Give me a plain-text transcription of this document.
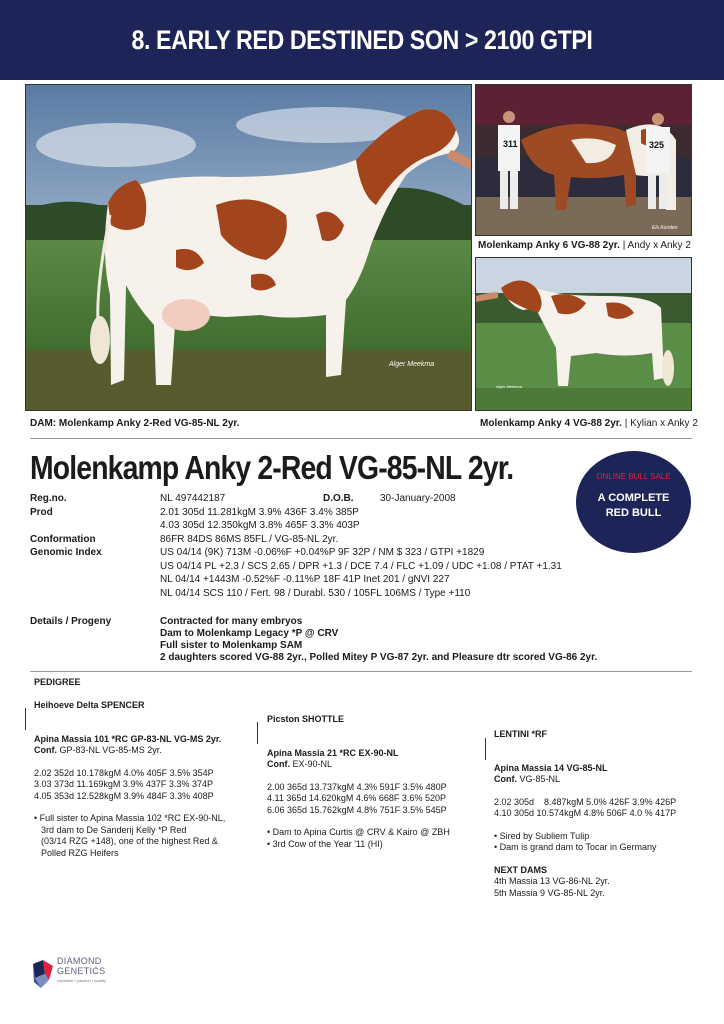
8. EARLY RED DESTINED SON > 2100 GTPI
Alger Meekma
DAM: Molenkamp Anky 2-Red VG-85-NL 2yr.
311	325
Els Korsten
Molenkamp Anky 6 VG-88 2yr. | Andy x Anky 2
Alger Meekma
Molenkamp Anky 4 VG-88 2yr. | Kylian x Anky 2
Molenkamp Anky 2-Red VG-85-NL 2yr.	ONLINE BULL SALE
A COMPLETE
RED BULL
Reg.no.	NL 497442187	D.O.B.	30-January-2008
Prod	2.01 305d 11.281kgM 3.9% 436F 3.4% 385P
4.03 305d 12.350kgM 3.8% 465F 3.3% 403P
Conformation	86FR 84DS 86MS 85FL / VG-85-NL 2yr.
Genomic Index	US 04/14 (9K) 713M -0.06%F +0.04%P 9F 32P / NM $ 323 / GTPI +1829
US 04/14 PL +2.3 / SCS 2.65 / DPR +1.3 / DCE 7.4 / FLC +1.09 / UDC +1.08 / PTAT +1.31
NL 04/14 +1443M -0.52%F -0.11%P 18F 41P Inet 201 / gNVI 227
NL 04/14 SCS 110 / Fert. 98 / Durabl. 530 / 105FL 106MS / Type +110
Details / Progeny	Contracted for many embryos
Dam to Molenkamp Legacy *P @ CRV
Full sister to Molenkamp SAM
2 daughters scored VG-88 2yr., Polled Mitey P VG-87 2yr. and Pleasure dtr scored VG-86 2yr.
PEDIGREE
Heihoeve Delta SPENCER
Apina Massia 101 *RC GP-83-NL VG-MS 2yr.
Conf. GP-83-NL VG-85-MS 2yr.
2.02 352d 10.178kgM 4.0% 405F 3.5% 354P
3.03 373d 11.169kgM 3.9% 437F 3.3% 374P
4.05 353d 12.528kgM 3.9% 484F 3.3% 408P
• Full sister to Apina Massia 102 *RC EX-90-NL,
3rd dam to De Sanderij Kelly *P Red
(03/14 RZG +148), one of the highest Red &
Polled RZG Heifers
Picston SHOTTLE
Apina Massia 21 *RC EX-90-NL
Conf. EX-90-NL
2.00 365d 13.737kgM 4.3% 591F 3.5% 480P
4.11 365d 14.620kgM 4.6% 668F 3.6% 520P
6.06 365d 15.762kgM 4.8% 751F 3.5% 545P
• Dam to Apina Curtis @ CRV & Kairo @ ZBH
• 3rd Cow of the Year '11 (HI)
LENTINI *RF
Apina Massia 14 VG-85-NL
Conf. VG-85-NL
2.02 305d    8.487kgM 5.0% 426F 3.9% 426P
4.10 305d 10.574kgM 4.8% 506F 4.0 % 417P
• Sired by Subliem Tulip
• Dam is grand dam to Tocar in Germany
NEXT DAMS
4th Massia 13 VG-86-NL 2yr.
5th Massia 9 VG-85-NL 2yr.
DIAMOND
GENETICS
expertise • passion • quality
